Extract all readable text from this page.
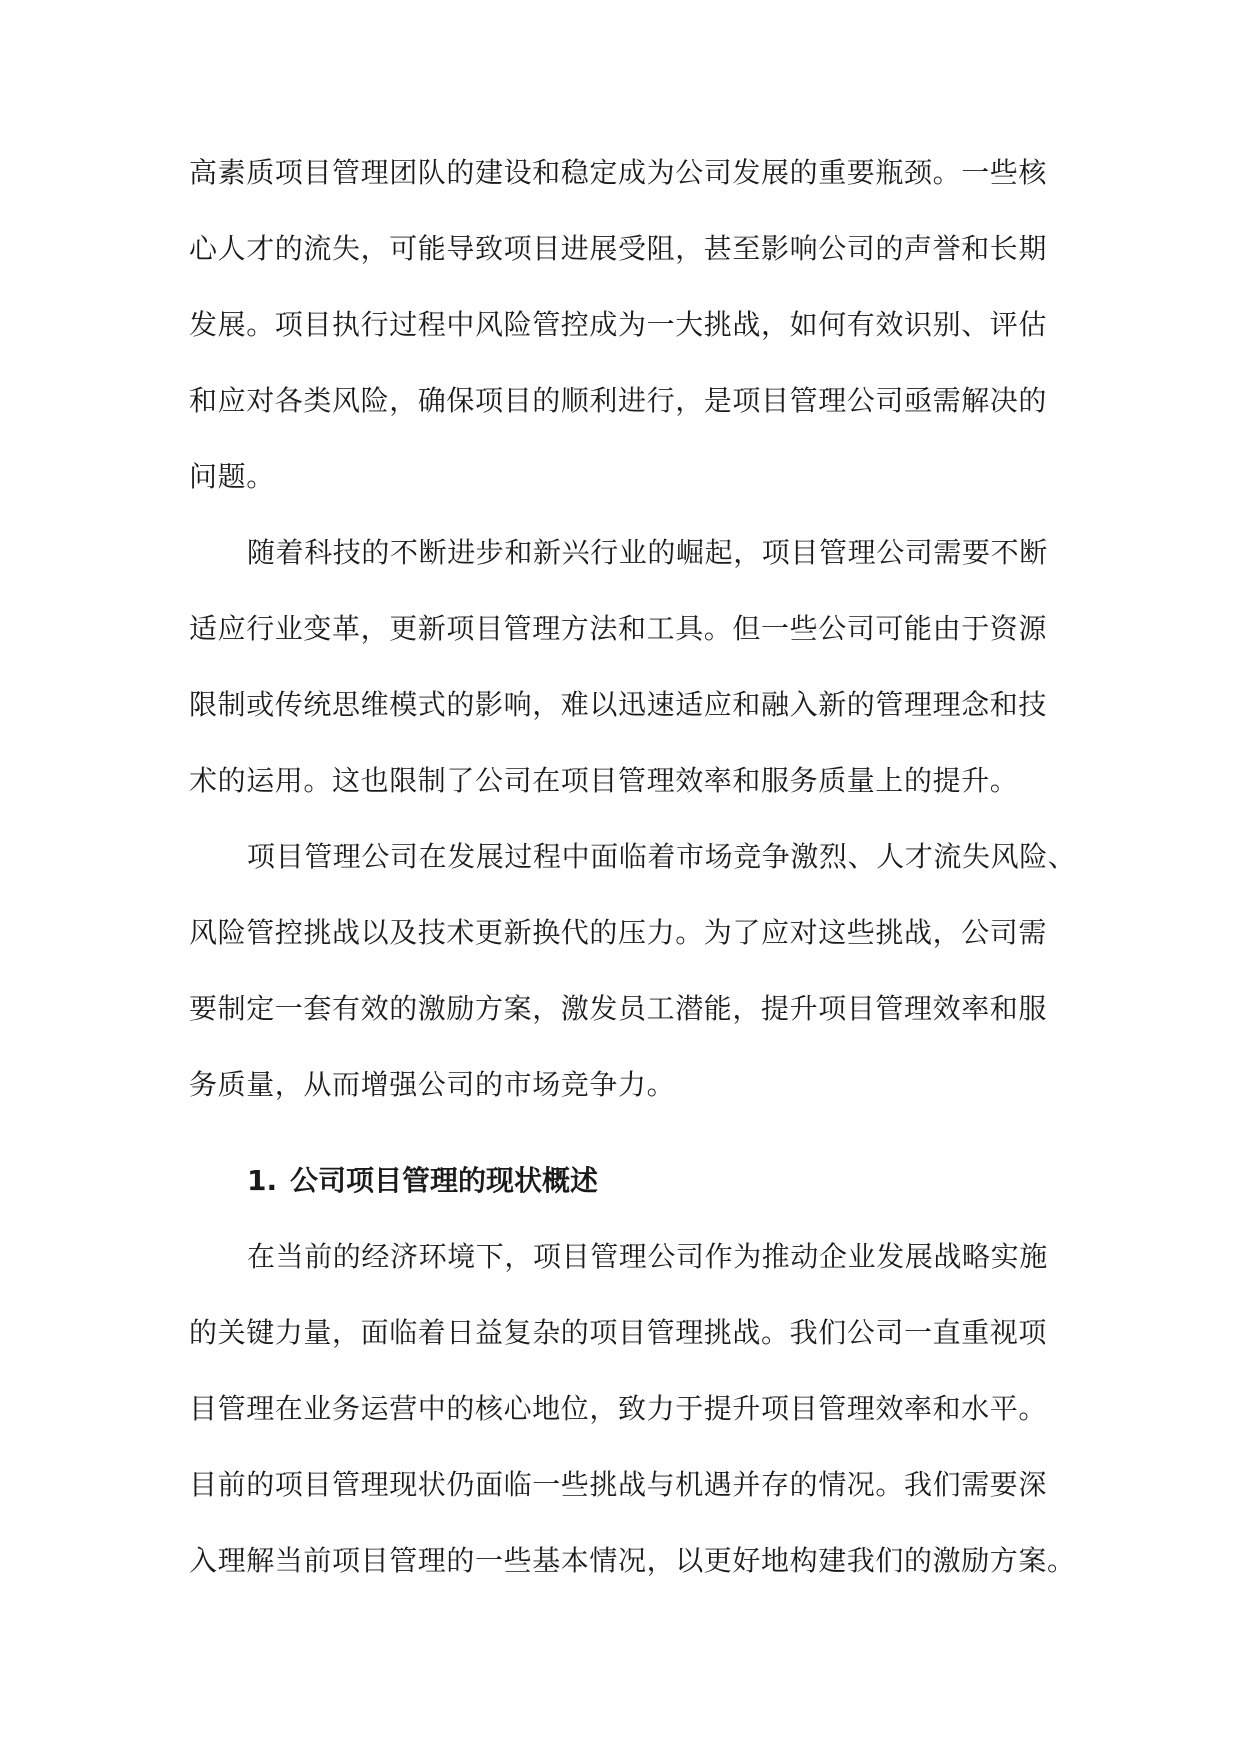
高素质项目管理团队的建设和稳定成为公司发展的重要瓶颈。一些核
心人才的流失，可能导致项目进展受阻，甚至影响公司的声誉和长期
发展。项目执行过程中风险管控成为一大挑战，如何有效识别、评估
和应对各类风险，确保项目的顺利进行，是项目管理公司亟需解决的
问题。
随着科技的不断进步和新兴行业的崛起，项目管理公司需要不断
适应行业变革，更新项目管理方法和工具。但一些公司可能由于资源
限制或传统思维模式的影响，难以迅速适应和融入新的管理理念和技
术的运用。这也限制了公司在项目管理效率和服务质量上的提升。
项目管理公司在发展过程中面临着市场竞争激烈、人才流失风险、
风险管控挑战以及技术更新换代的压力。为了应对这些挑战，公司需
要制定一套有效的激励方案，激发员工潜能，提升项目管理效率和服
务质量，从而增强公司的市场竞争力。
1. 公司项目管理的现状概述
在当前的经济环境下，项目管理公司作为推动企业发展战略实施
的关键力量，面临着日益复杂的项目管理挑战。我们公司一直重视项
目管理在业务运营中的核心地位，致力于提升项目管理效率和水平。
目前的项目管理现状仍面临一些挑战与机遇并存的情况。我们需要深
入理解当前项目管理的一些基本情况，以更好地构建我们的激励方案。
